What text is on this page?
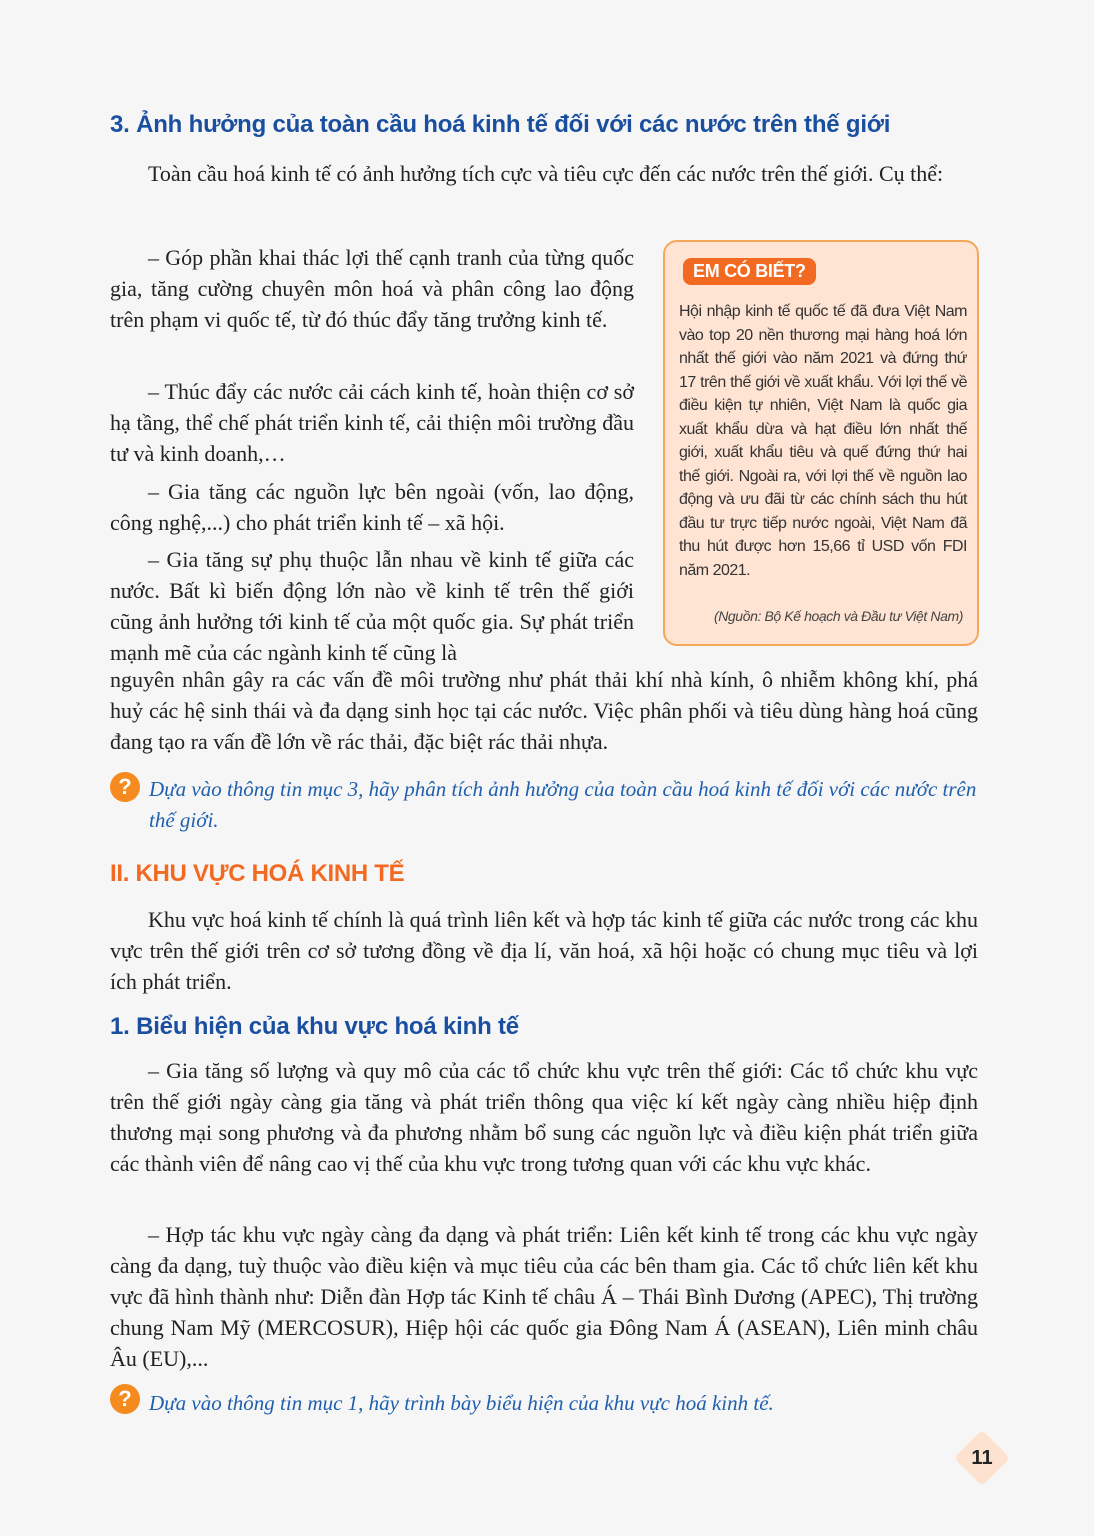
3. Ảnh hưởng của toàn cầu hoá kinh tế đối với các nước trên thế giới

Toàn cầu hoá kinh tế có ảnh hưởng tích cực và tiêu cực đến các nước trên thế giới. Cụ thể:

– Góp phần khai thác lợi thế cạnh tranh của từng quốc gia, tăng cường chuyên môn hoá và phân công lao động trên phạm vi quốc tế, từ đó thúc đẩy tăng trưởng kinh tế.

– Thúc đẩy các nước cải cách kinh tế, hoàn thiện cơ sở hạ tầng, thể chế phát triển kinh tế, cải thiện môi trường đầu tư và kinh doanh,…

– Gia tăng các nguồn lực bên ngoài (vốn, lao động, công nghệ,...) cho phát triển kinh tế – xã hội.

– Gia tăng sự phụ thuộc lẫn nhau về kinh tế giữa các nước. Bất kì biến động lớn nào về kinh tế trên thế giới cũng ảnh hưởng tới kinh tế của một quốc gia. Sự phát triển mạnh mẽ của các ngành kinh tế cũng là

nguyên nhân gây ra các vấn đề môi trường như phát thải khí nhà kính, ô nhiễm không khí, phá huỷ các hệ sinh thái và đa dạng sinh học tại các nước. Việc phân phối và tiêu dùng hàng hoá cũng đang tạo ra vấn đề lớn về rác thải, đặc biệt rác thải nhựa.

EM CÓ BIẾT?
Hội nhập kinh tế quốc tế đã đưa Việt Nam vào top 20 nền thương mại hàng hoá lớn nhất thế giới vào năm 2021 và đứng thứ 17 trên thế giới về xuất khẩu. Với lợi thế về điều kiện tự nhiên, Việt Nam là quốc gia xuất khẩu dừa và hạt điều lớn nhất thế giới, xuất khẩu tiêu và quế đứng thứ hai thế giới. Ngoài ra, với lợi thế về nguồn lao động và ưu đãi từ các chính sách thu hút đầu tư trực tiếp nước ngoài, Việt Nam đã thu hút được hơn 15,66 tỉ USD vốn FDI năm 2021.
(Nguồn: Bộ Kế hoạch và Đầu tư Việt Nam)
? Dựa vào thông tin mục 3, hãy phân tích ảnh hưởng của toàn cầu hoá kinh tế đối với các nước trên thế giới.
II. KHU VỰC HOÁ KINH TẾ

Khu vực hoá kinh tế chính là quá trình liên kết và hợp tác kinh tế giữa các nước trong các khu vực trên thế giới trên cơ sở tương đồng về địa lí, văn hoá, xã hội hoặc có chung mục tiêu và lợi ích phát triển.

1. Biểu hiện của khu vực hoá kinh tế

– Gia tăng số lượng và quy mô của các tổ chức khu vực trên thế giới: Các tổ chức khu vực trên thế giới ngày càng gia tăng và phát triển thông qua việc kí kết ngày càng nhiều hiệp định thương mại song phương và đa phương nhằm bổ sung các nguồn lực và điều kiện phát triển giữa các thành viên để nâng cao vị thế của khu vực trong tương quan với các khu vực khác.

– Hợp tác khu vực ngày càng đa dạng và phát triển: Liên kết kinh tế trong các khu vực ngày càng đa dạng, tuỳ thuộc vào điều kiện và mục tiêu của các bên tham gia. Các tổ chức liên kết khu vực đã hình thành như: Diễn đàn Hợp tác Kinh tế châu Á – Thái Bình Dương (APEC), Thị trường chung Nam Mỹ (MERCOSUR), Hiệp hội các quốc gia Đông Nam Á (ASEAN), Liên minh châu Âu (EU),...

? Dựa vào thông tin mục 1, hãy trình bày biểu hiện của khu vực hoá kinh tế.
11
